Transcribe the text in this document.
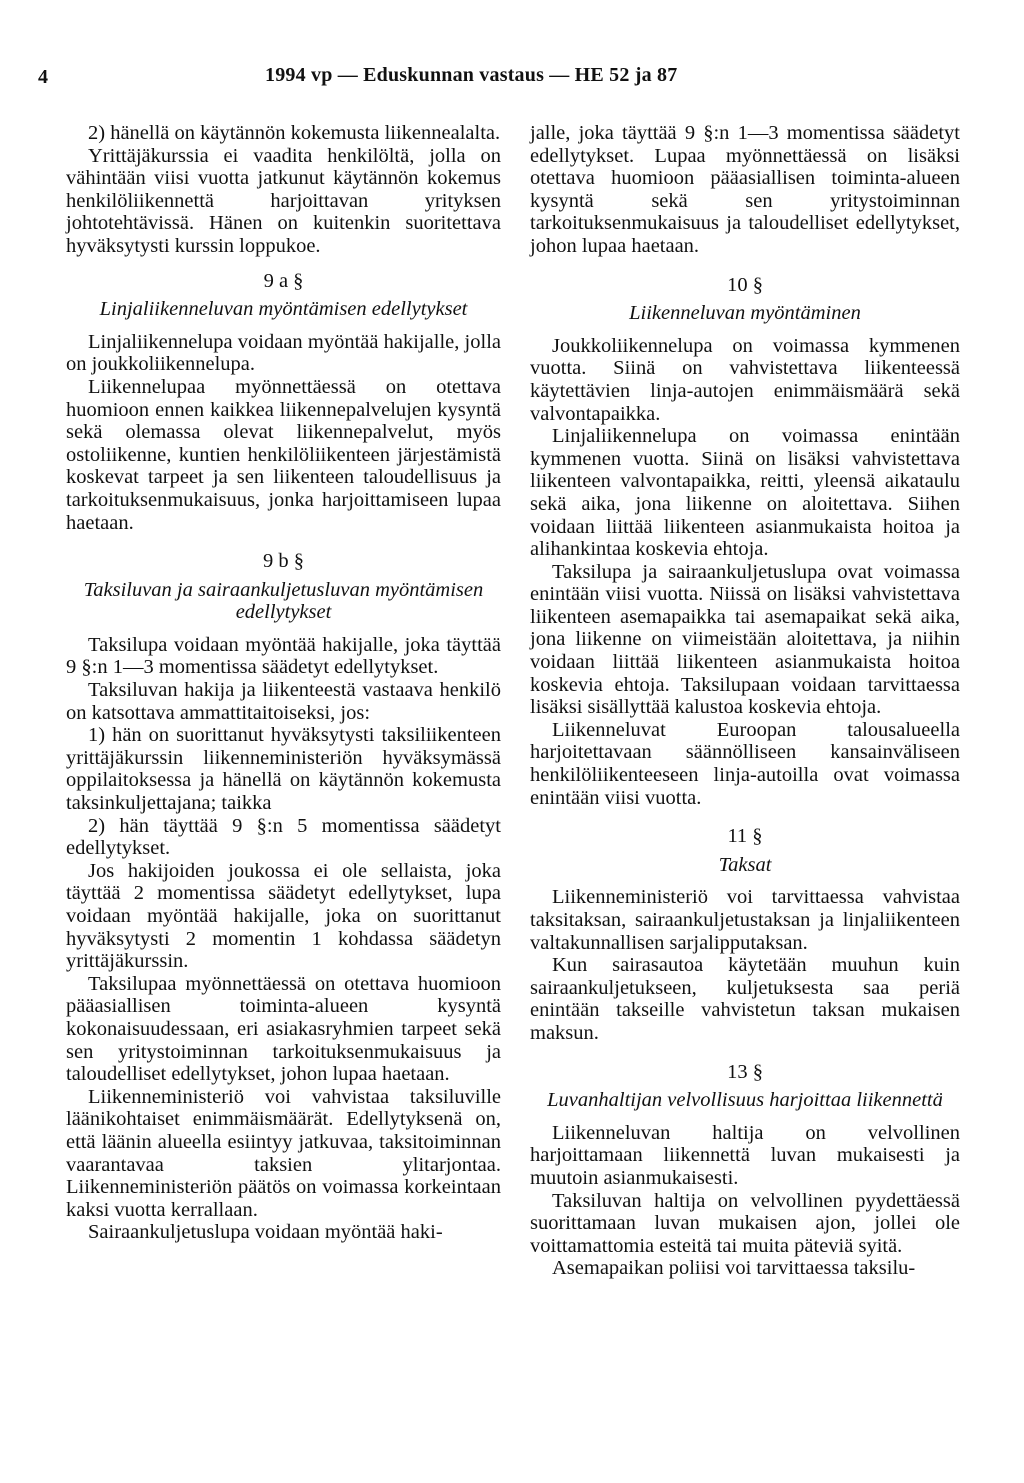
4	1994 vp — Eduskunnan vastaus — HE 52 ja 87

2) hänellä on käytännön kokemusta liikennealalta.

Yrittäjäkurssia ei vaadita henkilöltä, jolla on vähintään viisi vuotta jatkunut käytännön kokemus henkilöliikennettä harjoittavan yrityksen johtotehtävissä. Hänen on kuitenkin suoritettava hyväksytysti kurssin loppukoe.

9 a §
Linjaliikenneluvan myöntämisen edellytykset

Linjaliikennelupa voidaan myöntää hakijalle, jolla on joukkoliikennelupa.

Liikennelupaa myönnettäessä on otettava huomioon ennen kaikkea liikennepalvelujen kysyntä sekä olemassa olevat liikennepalvelut, myös ostoliikenne, kuntien henkilöliikenteen järjestämistä koskevat tarpeet ja sen liikenteen taloudellisuus ja tarkoituksenmukaisuus, jonka harjoittamiseen lupaa haetaan.

9 b §
Taksiluvan ja sairaankuljetusluvan myöntämisen edellytykset

Taksilupa voidaan myöntää hakijalle, joka täyttää 9 §:n 1—3 momentissa säädetyt edellytykset.

Taksiluvan hakija ja liikenteestä vastaava henkilö on katsottava ammattitaitoiseksi, jos:

1) hän on suorittanut hyväksytysti taksiliikenteen yrittäjäkurssin liikenneministeriön hyväksymässä oppilaitoksessa ja hänellä on käytännön kokemusta taksinkuljettajana; taikka

2) hän täyttää 9 §:n 5 momentissa säädetyt edellytykset.

Jos hakijoiden joukossa ei ole sellaista, joka täyttää 2 momentissa säädetyt edellytykset, lupa voidaan myöntää hakijalle, joka on suorittanut hyväksytysti 2 momentin 1 kohdassa säädetyn yrittäjäkurssin.

Taksilupaa myönnettäessä on otettava huomioon pääasiallisen toiminta-alueen kysyntä kokonaisuudessaan, eri asiakasryhmien tarpeet sekä sen yritystoiminnan tarkoituksenmukaisuus ja taloudelliset edellytykset, johon lupaa haetaan.

Liikenneministeriö voi vahvistaa taksiluville läänikohtaiset enimmäismäärät. Edellytyksenä on, että läänin alueella esiintyy jatkuvaa, taksitoiminnan vaarantavaa taksien ylitarjontaa. Liikenneministeriön päätös on voimassa korkeintaan kaksi vuotta kerrallaan.

Sairaankuljetuslupa voidaan myöntää haki-

jalle, joka täyttää 9 §:n 1—3 momentissa säädetyt edellytykset. Lupaa myönnettäessä on lisäksi otettava huomioon pääasiallisen toiminta-alueen kysyntä sekä sen yritystoiminnan tarkoituksenmukaisuus ja taloudelliset edellytykset, johon lupaa haetaan.

10 §
Liikenneluvan myöntäminen

Joukkoliikennelupa on voimassa kymmenen vuotta. Siinä on vahvistettava liikenteessä käytettävien linja-autojen enimmäismäärä sekä valvontapaikka.

Linjaliikennelupa on voimassa enintään kymmenen vuotta. Siinä on lisäksi vahvistettava liikenteen valvontapaikka, reitti, yleensä aikataulu sekä aika, jona liikenne on aloitettava. Siihen voidaan liittää liikenteen asianmukaista hoitoa ja alihankintaa koskevia ehtoja.

Taksilupa ja sairaankuljetuslupa ovat voimassa enintään viisi vuotta. Niissä on lisäksi vahvistettava liikenteen asemapaikka tai asemapaikat sekä aika, jona liikenne on viimeistään aloitettava, ja niihin voidaan liittää liikenteen asianmukaista hoitoa koskevia ehtoja. Taksilupaan voidaan tarvittaessa lisäksi sisällyttää kalustoa koskevia ehtoja.

Liikenneluvat Euroopan talousalueella harjoitettavaan säännölliseen kansainväliseen henkilöliikenteeseen linja-autoilla ovat voimassa enintään viisi vuotta.

11 §
Taksat

Liikenneministeriö voi tarvittaessa vahvistaa taksitaksan, sairaankuljetustaksan ja linjaliikenteen valtakunnallisen sarjalipputaksan.

Kun sairasautoa käytetään muuhun kuin sairaankuljetukseen, kuljetuksesta saa periä enintään takseille vahvistetun taksan mukaisen maksun.

13 §
Luvanhaltijan velvollisuus harjoittaa liikennettä

Liikenneluvan haltija on velvollinen harjoittamaan liikennettä luvan mukaisesti ja muutoin asianmukaisesti.

Taksiluvan haltija on velvollinen pyydettäessä suorittamaan luvan mukaisen ajon, jollei ole voittamattomia esteitä tai muita päteviä syitä.

Asemapaikan poliisi voi tarvittaessa taksilu-
